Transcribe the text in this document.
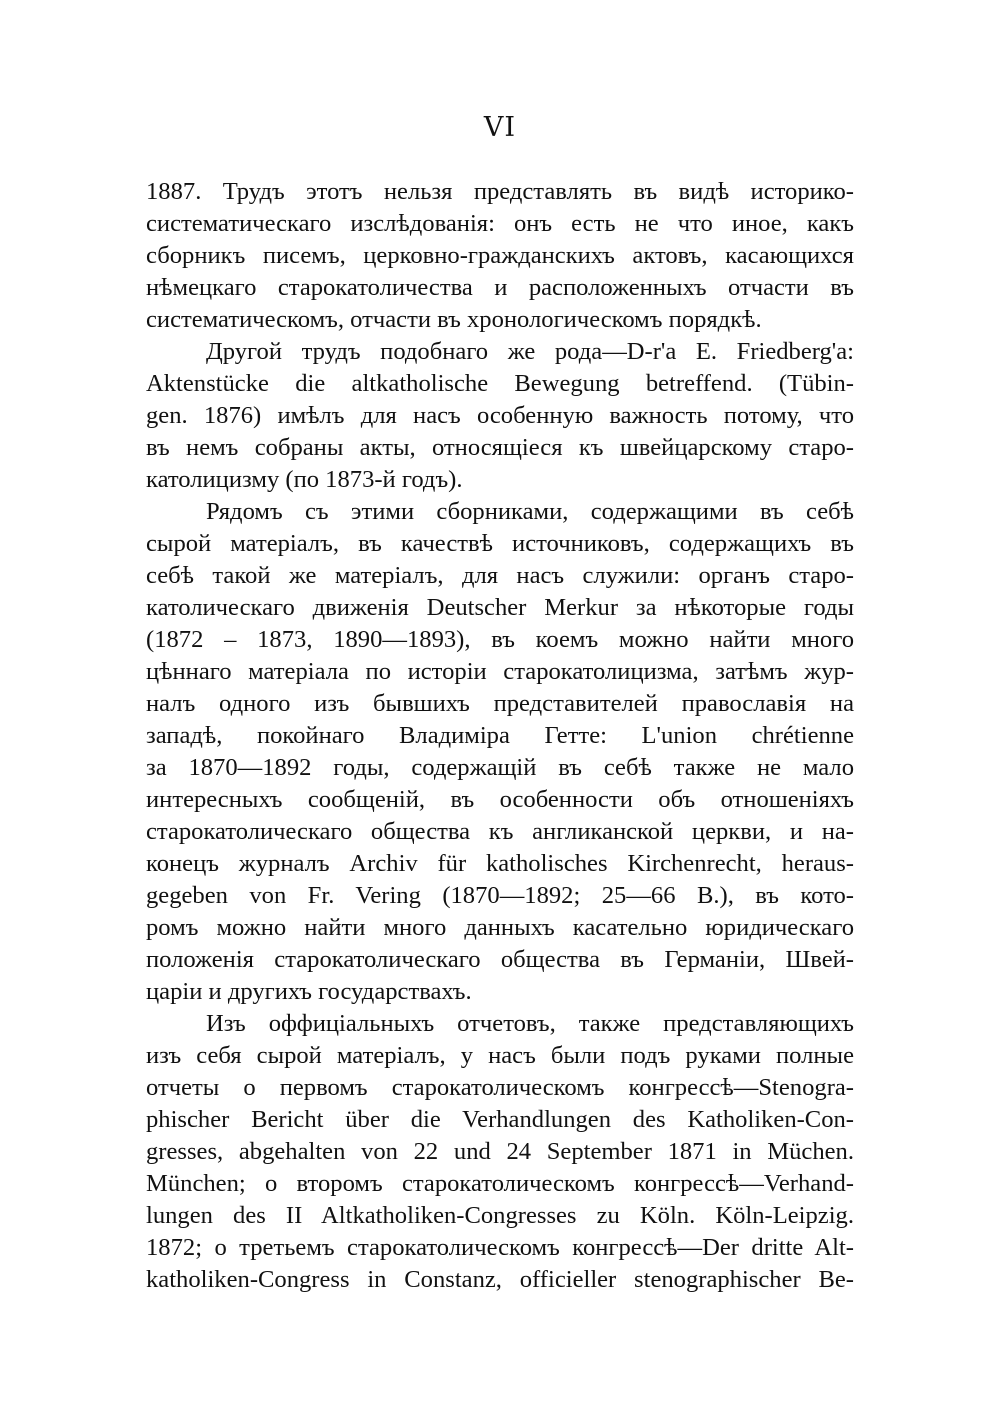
VI
1887. Трудъ этотъ нельзя представлять въ видѣ историко-
систематическаго изслѣдованія: онъ есть не что иное, какъ
сборникъ писемъ, церковно-гражданскихъ актовъ, касающихся
нѣмецкаго старокатоличества и расположенныхъ отчасти въ
систематическомъ, отчасти въ хронологическомъ порядкѣ.
Другой трудъ подобнаго же рода—D-r'а E. Friedberg'а:
Aktenstücke die altkatholische Bewegung betreffend. (Tübin-
gen. 1876) имѣлъ для насъ особенную важность потому, что
въ немъ собраны акты, относящіеся къ швейцарскому старо-
католицизму (по 1873-й годъ).
Рядомъ съ этими сборниками, содержащими въ себѣ
сырой матеріалъ, въ качествѣ источниковъ, содержащихъ въ
себѣ такой же матеріалъ, для насъ служили: органъ старо-
католическаго движенія Deutscher Merkur за нѣкоторые годы
(1872 – 1873, 1890—1893), въ коемъ можно найти много
цѣннаго матеріала по исторіи старокатолицизма, затѣмъ жур-
налъ одного изъ бывшихъ представителей православія на
западѣ, покойнаго Владиміра Гетте: L'union chrétienne
за 1870—1892 годы, содержащій въ себѣ также не мало
интересныхъ сообщеній, въ особенности объ отношеніяхъ
старокатолическаго общества къ англиканской церкви, и на-
конецъ журналъ Archiv für katholisches Kirchenrecht, heraus-
gegeben von Fr. Vering (1870—1892; 25—66 B.), въ кото-
ромъ можно найти много данныхъ касательно юридическаго
положенія старокатолическаго общества въ Германіи, Швей-
царіи и другихъ государствахъ.
Изъ оффиціальныхъ отчетовъ, также представляющихъ
изъ себя сырой матеріалъ, у насъ были подъ руками полные
отчеты о первомъ старокатолическомъ конгрессѣ—Stenogra-
phischer Bericht über die Verhandlungen des Katholiken-Con-
gresses, abgehalten von 22 und 24 September 1871 in Müchen.
München; о второмъ старокатолическомъ конгрессѣ—Verhand-
lungen des II Altkatholiken-Congresses zu Köln. Köln-Leipzig.
1872; о третьемъ старокатолическомъ конгрессѣ—Der dritte Alt-
katholiken-Congress in Constanz, officieller stenographischer Be-
